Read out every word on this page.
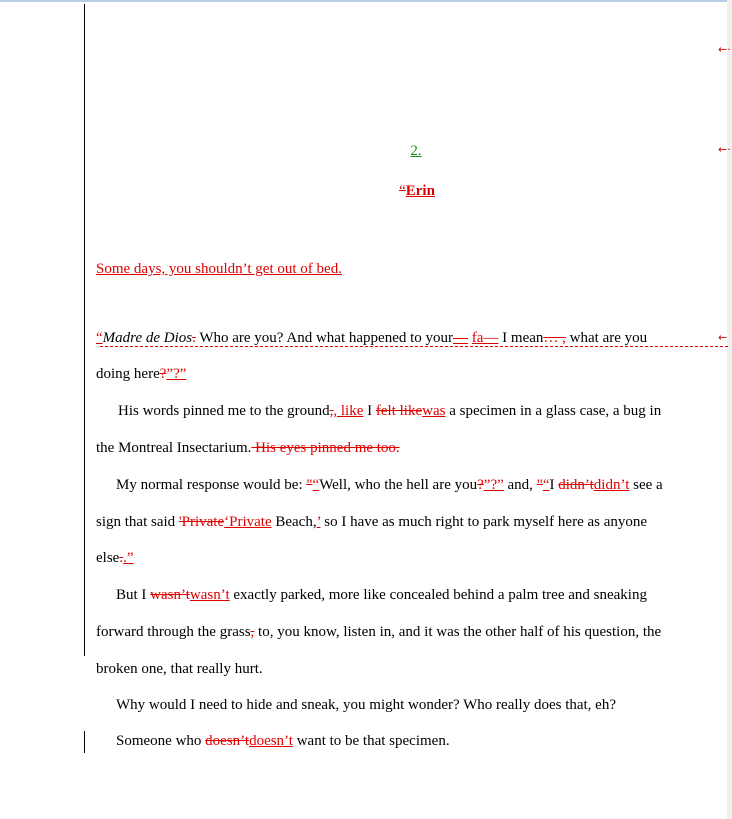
←·
←·
←
2.
“Erin
Some days, you shouldn’t get out of bed.
“Madre de Dios. Who are you? And what happened to your— fa— I mean… , what are you
doing here?”?”
His words pinned me to the ground,, like I felt likewas a specimen in a glass case, a bug in
the Montreal Insectarium. His eyes pinned me too.
My normal response would be: "“Well, who the hell are you?”?” and, "“I didn’tdidn’t see a
sign that said 'Private‘Private Beach,’ so I have as much right to park myself here as anyone
else..”
But I wasn’twasn’t exactly parked, more like concealed behind a palm tree and sneaking
forward through the grass, to, you know, listen in, and it was the other half of his question, the
broken one, that really hurt.
Why would I need to hide and sneak, you might wonder? Who really does that, eh?
Someone who doesn’tdoesn’t want to be that specimen.
